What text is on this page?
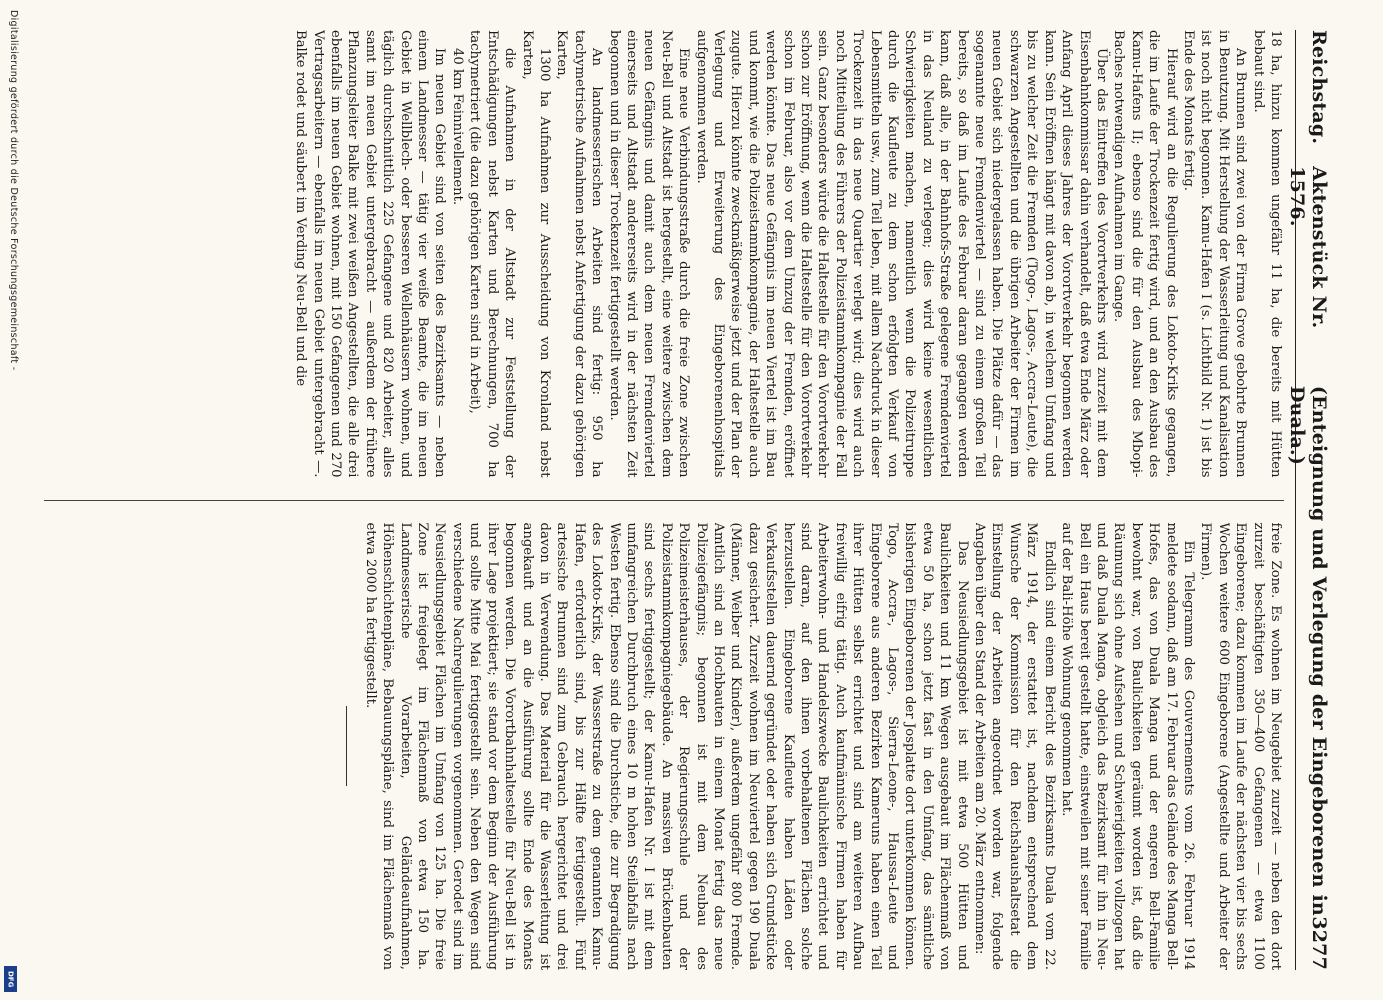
Reichstag.
Aktenstück Nr. 1576.
(Enteignung und Verlegung der Eingeborenen in Duala.)
3277

18 ha, hinzu kommen ungefähr 11 ha, die bereits mit Hütten bebaut sind.

An Brunnen sind zwei von der Firma Grove gebohrte Brunnen in Benutzung. Mit Herstellung der Wasserleitung und Kanalisation ist noch nicht begonnen. Kamu-Hafen I (s. Lichtbild Nr. 1) ist bis Ende des Monats fertig.

Hierauf wird an die Regulierung des Lokoto-Kriks gegangen, die im Laufe der Trockenzeit fertig wird, und an den Ausbau des Kamu-Hafens II; ebenso sind die für den Ausbau des Mbopi-Baches notwendigen Aufnahmen im Gange.

Über das Eintreffen des Vorortverkehrs wird zurzeit mit dem Eisenbahnkommissar dahin verhandelt, daß etwa Ende März oder Anfang April dieses Jahres der Vorortverkehr begonnen werden kann. Sein Eröffnen hängt mit davon ab, in welchem Umfang und bis zu welcher Zeit die Fremden (Togo-, Lagos-, Accra-Leute), die schwarzen Angestellten und die übrigen Arbeiter der Firmen im neuen Gebiet sich niedergelassen haben. Die Plätze dafür — das sogenannte neue Fremdenviertel — sind zu einem großen Teil bereits, so daß im Laufe des Februar daran gegangen werden kann, daß alle, in der Bahnhofs-Straße gelegene Fremdenviertel in das Neuland zu verlegen; dies wird keine wesentlichen Schwierigkeiten machen, namentlich wenn die Polizeitruppe durch die Kaufleute zu dem schon erfolgten Verkauf von Lebensmitteln usw., zum Teil leben, mit allem Nachdruck in dieser Trockenzeit in das neue Quartier verlegt wird; dies wird auch noch Mitteilung des Führers der Polizeistammkompagnie der Fall sein. Ganz besonders würde die Haltestelle für den Vorortverkehr schon zur Eröffnung, wenn die Haltestelle für den Vorortverkehr schon im Februar, also vor dem Umzug der Fremden, eröffnet werden könnte. Das neue Gefängnis im neuen Viertel ist im Bau und kommt, wie die Polizeistammkompagnie, der Haltestelle auch zugute. Hierzu könnte zweckmäßigerweise jetzt und der Plan der Verlegung und Erweiterung des Eingeborenenhospitals aufgenommen werden.

Eine neue Verbindungsstraße durch die freie Zone zwischen Neu-Bell und Altstadt ist hergestellt, eine weitere zwischen dem neuen Gefängnis und damit auch dem neuen Fremdenviertel einerseits und Altstadt andererseits wird in der nächsten Zeit begonnen und in dieser Trockenzeit fertiggestellt werden.

An landmesserischen Arbeiten sind fertig: 950 ha tachymetrische Aufnahmen nebst Anfertigung der dazu gehörigen Karten,

1300 ha Aufnahmen zur Ausscheidung von Kronland nebst Karten,

die Aufnahmen in der Altstadt zur Feststellung der Entschädigungen nebst Karten und Berechnungen, 700 ha tachymetriert (die dazu gehörigen Karten sind in Arbeit),

40 km Feinnivellement.

Im neuen Gebiet sind von seiten des Bezirksamts — neben einem Landmesser — tätig vier weiße Beamte, die im neuen Gebiet in Wellblech- oder besseren Wellenhäusern wohnen, und täglich durchschnittlich 225 Gefangene und 820 Arbeiter, alles samt im neuen Gebiet untergebracht — außerdem der frühere Pflanzungsleiter Balke mit zwei weißen Angestellten, die alle drei ebenfalls im neuen Gebiet wohnen, mit 150 Gefangenen und 270 Vertragsarbeitern — ebenfalls im neuen Gebiet untergebracht —. Balke rodet und säubert im Verding Neu-Bell und die

freie Zone. Es wohnen im Neugebiet zurzeit — neben den dort zurzeit beschäftigten 350—400 Gefangenen — etwa 1100 Eingeborene; dazu kommen im Laufe der nächsten vier bis sechs Wochen weitere 600 Eingeborene (Angestellte und Arbeiter der Firmen).

Ein Telegramm des Gouvernements vom 26. Februar 1914 meldete sodann, daß am 17. Februar das Gelände des Manga Bell-Hofes, das von Duala Manga und der engeren Bell-Familie bewohnt war, von Baulichkeiten geräumt worden ist, daß die Räumung sich ohne Aufsehen und Schwierigkeiten vollzogen hat und daß Duala Manga, obgleich das Bezirksamt für ihn in Neu-Bell ein Haus bereit gestellt hatte, einstweilen mit seiner Familie auf der Bali-Höhe Wohnung genommen hat.

Endlich sind einem Bericht des Bezirksamts Duala vom 22. März 1914, der erstattet ist, nachdem entsprechend dem Wunsche der Kommission für den Reichshaushaltsetat die Einstellung der Arbeiten angeordnet worden war, folgende Angaben über den Stand der Arbeiten am 20. März entnommen:

Das Neusiedlungsgebiet ist mit etwa 500 Hütten und Baulichkeiten und 11 km Wegen ausgebaut im Flächenmaß von etwa 50 ha, schon jetzt fast in den Umfang, das sämtliche bisherigen Eingeborenen der Josplatte dort unterkommen können. Togo, Accra-, Lagos-, Sierra-Leone-, Haussa-Leute und Eingeborene aus anderen Bezirken Kameruns haben einen Teil ihrer Hütten selbst errichtet und sind am weiteren Aufbau freiwillig eifrig tätig. Auch kaufmännische Firmen haben für Arbeiterwohn- und Handelszwecke Baulichkeiten errichtet und sind daran, auf den ihnen vorbehaltenen Flächen solche herzustellen. Eingeborene Kaufleute haben Läden oder Verkaufsstellen dauernd gegründet oder haben sich Grundstücke dazu gesichert. Zurzeit wohnen im Neuviertel gegen 190 Duala (Männer, Weiber und Kinder), außerdem ungefähr 800 Fremde. Amtlich sind an Hochbauten in einem Monat fertig das neue Polizeigefängnis; begonnen ist mit dem Neubau des Polizeimeisterhauses, der Regierungsschule und der Polizeistammkompagniegebäude. An massiven Brückenbauten sind sechs fertiggestellt; der Kamu-Hafen Nr. I ist mit dem umfangreichen Durchbruch eines 10 m hohen Steilabfalls nach Westen fertig. Ebenso sind die Durchstiche, die zur Begradigung des Lokoto-Kriks, der Wasserstraße zu dem genannten Kamu-Hafen, erforderlich sind, bis zur Hälfte fertiggestellt. Fünf artesische Brunnen sind zum Gebrauch hergerichtet und drei davon in Verwendung. Das Material für die Wasserleitung ist angekauft und an die Ausführung sollte Ende des Monats begonnen werden. Die Vorortbahnhaltestelle für Neu-Bell ist in ihrer Lage projektiert; sie stand vor dem Beginn der Ausführung und sollte Mitte Mai fertiggestellt sein. Neben den Wegen sind verschiedene Nachregulierungen vorgenommen. Gerodet sind im Neusiedlungsgebiet Flächen im Umfang von 125 ha. Die freie Zone ist freigelegt im Flächenmaß von etwa 150 ha. Landmesserische Vorarbeiten, Geländeaufnahmen, Höhenschichtenpläne, Bebauungspläne, sind im Flächenmaß von etwa 2000 ha fertiggestellt.

Digitalisierung gefördert durch die Deutsche Forschungsgemeinschaft -
DFG
